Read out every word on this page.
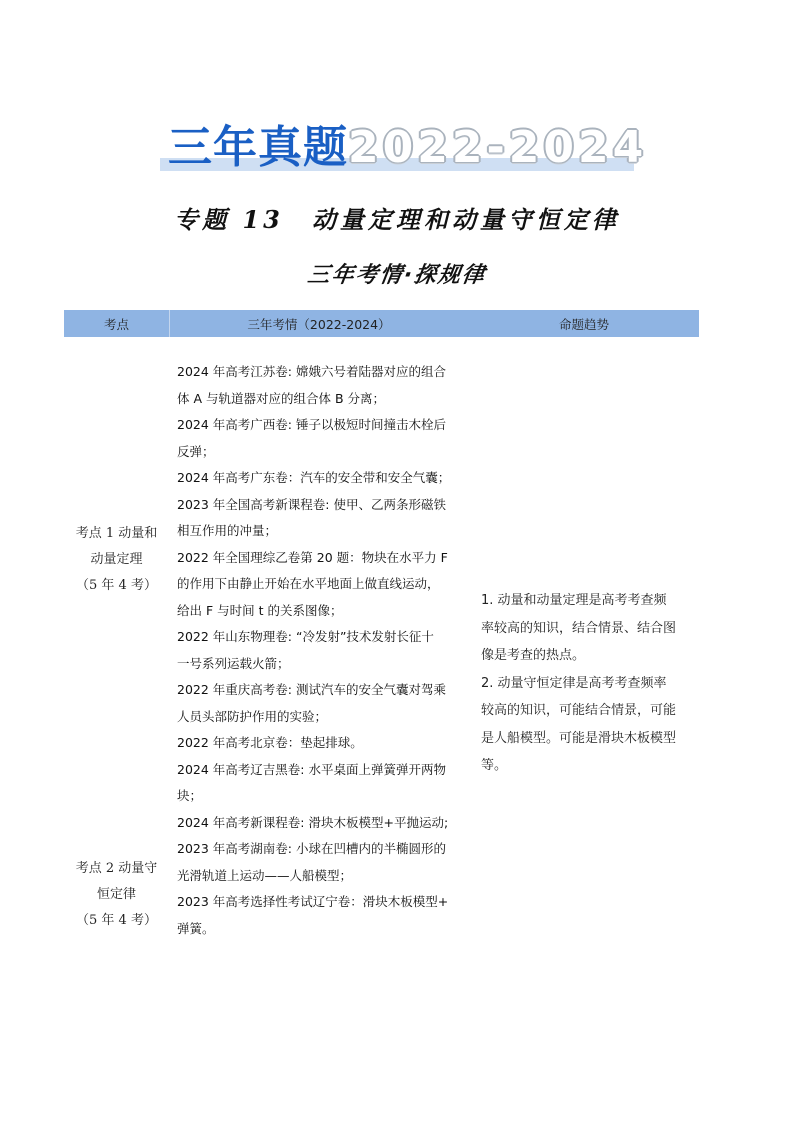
三年真题2022-2024
专题 13　动量定理和动量守恒定律
三年考情·探规律
考点	三年考情（2022-2024）	命题趋势
考点 1 动量和
动量定理
（5 年 4 考）
考点 2 动量守
恒定律
（5 年 4 考）
2024 年高考江苏卷: 嫦娥六号着陆器对应的组合
体 A 与轨道器对应的组合体 B 分离；
2024 年高考广西卷: 锤子以极短时间撞击木栓后
反弹；
2024 年高考广东卷：汽车的安全带和安全气囊；
2023 年全国高考新课程卷: 使甲、乙两条形磁铁
相互作用的冲量；
2022 年全国理综乙卷第 20 题：物块在水平力 F
的作用下由静止开始在水平地面上做直线运动，
给出 F 与时间 t 的关系图像；
2022 年山东物理卷: “冷发射”技术发射长征十
一号系列运载火箭；
2022 年重庆高考卷: 测试汽车的安全气囊对驾乘
人员头部防护作用的实验；
2022 年高考北京卷：垫起排球。
2024 年高考辽吉黑卷: 水平桌面上弹簧弹开两物
块；
2024 年高考新课程卷: 滑块木板模型+平抛运动;
2023 年高考湖南卷: 小球在凹槽内的半椭圆形的
光滑轨道上运动——人船模型；
2023 年高考选择性考试辽宁卷：滑块木板模型+
弹簧。

1. 动量和动量定理是高考考查频

率较高的知识，结合情景、结合图

像是考查的热点。

2. 动量守恒定律是高考考查频率

较高的知识，可能结合情景，可能

是人船模型。可能是滑块木板模型

等。
